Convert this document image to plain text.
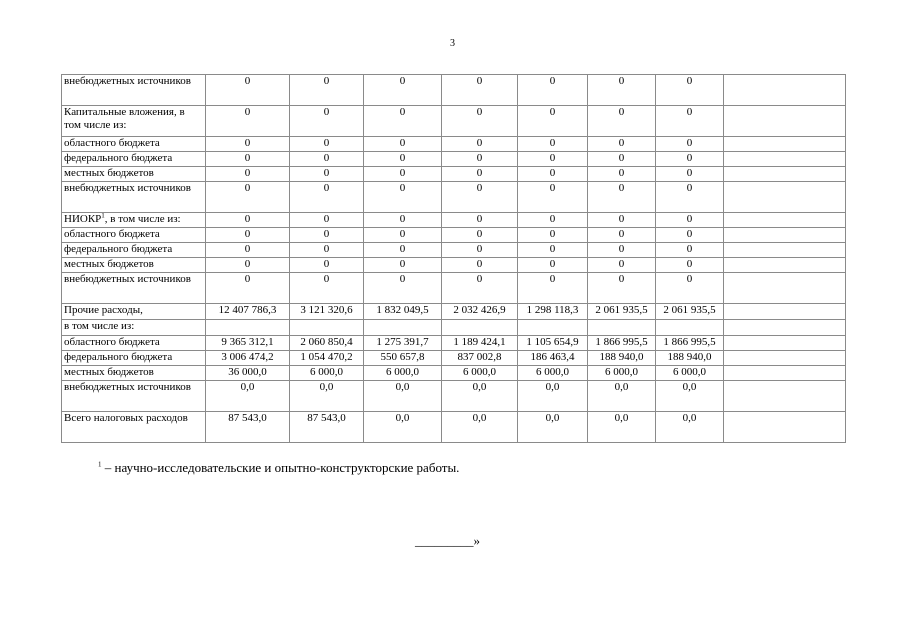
3
внебюджетных источников	0	0	0	0	0	0	0	
Капитальные вложения, в том числе из:	0	0	0	0	0	0	0	
областного бюджета	0	0	0	0	0	0	0	
федерального бюджета	0	0	0	0	0	0	0	
местных бюджетов	0	0	0	0	0	0	0	
внебюджетных источников	0	0	0	0	0	0	0	
НИОКР$^1$, в том числе из:	0	0	0	0	0	0	0	
областного бюджета	0	0	0	0	0	0	0	
федерального бюджета	0	0	0	0	0	0	0	
местных бюджетов	0	0	0	0	0	0	0	
внебюджетных источников	0	0	0	0	0	0	0	
Прочие расходы,	12 407 786,3	3 121 320,6	1 832 049,5	2 032 426,9	1 298 118,3	2 061 935,5	2 061 935,5	
в том числе из:								
областного бюджета	9 365 312,1	2 060 850,4	1 275 391,7	1 189 424,1	1 105 654,9	1 866 995,5	1 866 995,5	
федерального бюджета	3 006 474,2	1 054 470,2	550 657,8	837 002,8	186 463,4	188 940,0	188 940,0	
местных бюджетов	36 000,0	6 000,0	6 000,0	6 000,0	6 000,0	6 000,0	6 000,0	
внебюджетных источников	0,0	0,0	0,0	0,0	0,0	0,0	0,0	
Всего налоговых расходов	87 543,0	87 543,0	0,0	0,0	0,0	0,0	0,0	
$^1$ – научно-исследовательские и опытно-конструкторские работы.
_________»
